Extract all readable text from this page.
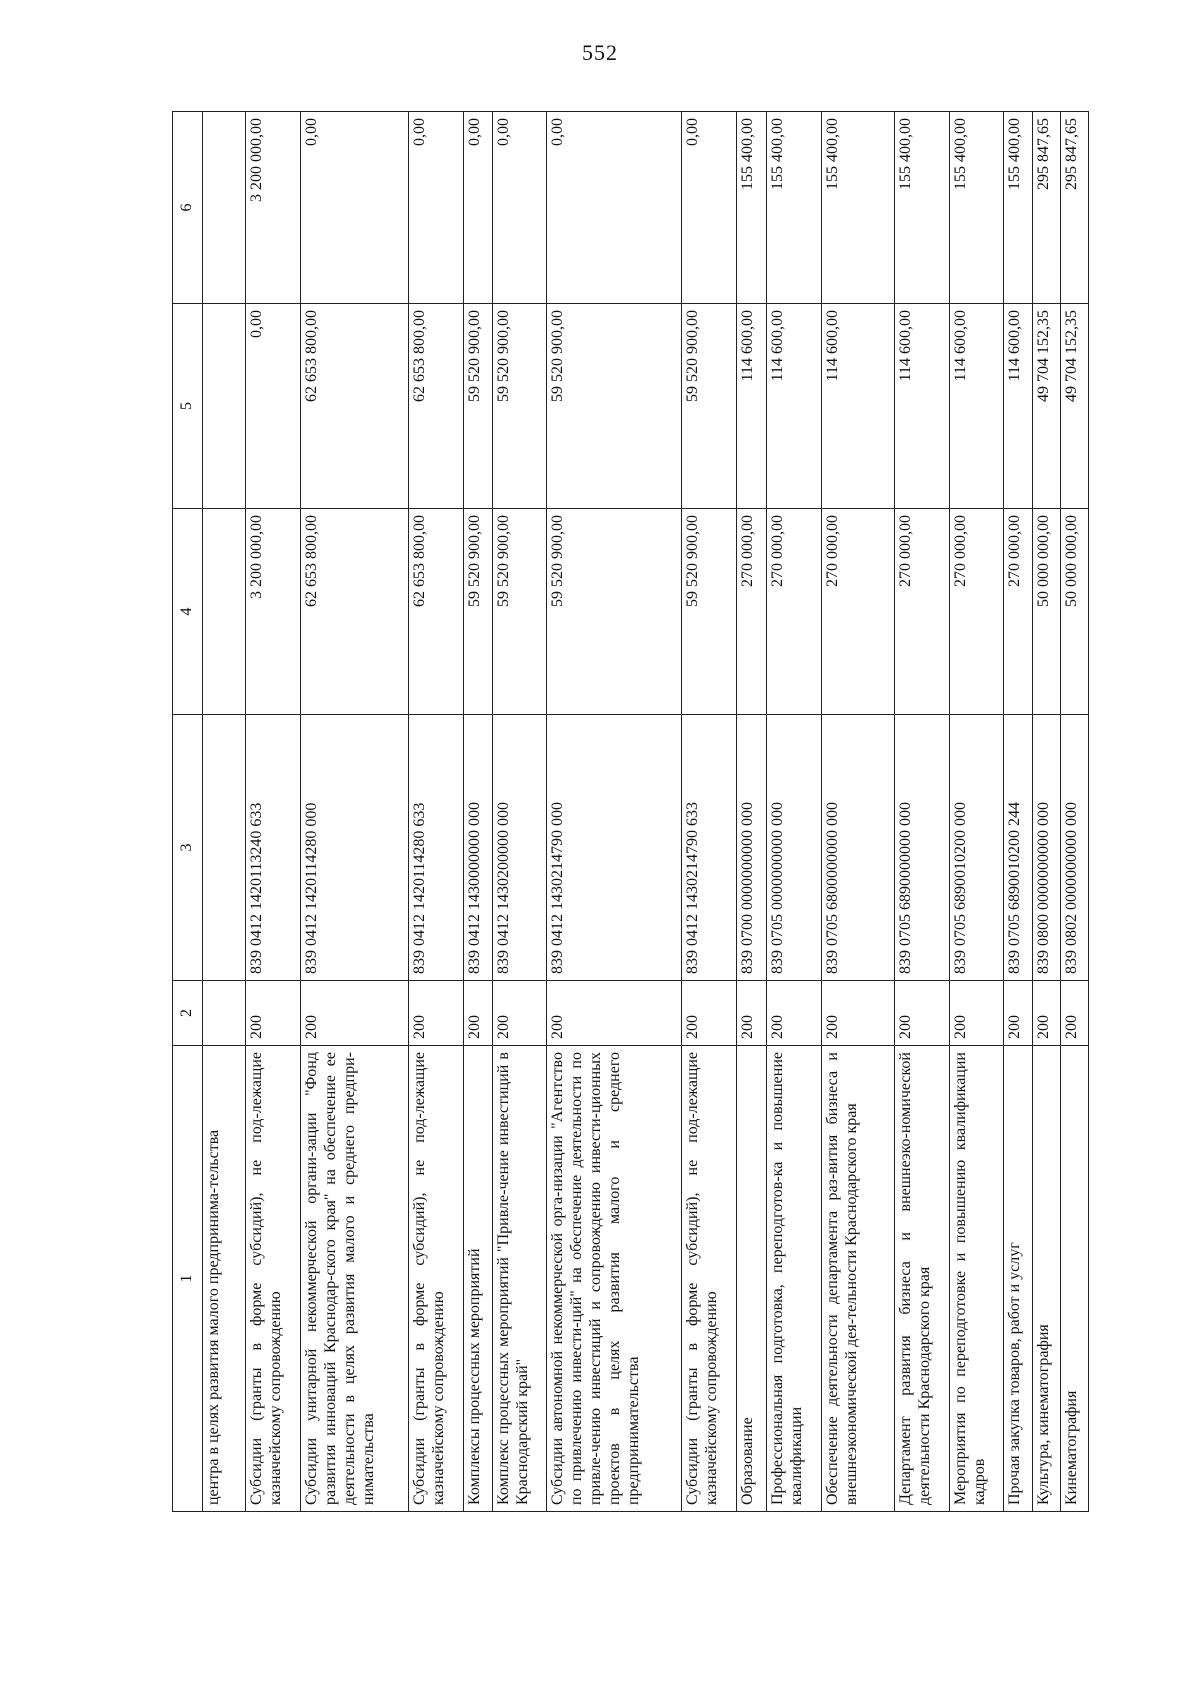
552
1	2	3	4	5	6
центра в целях развития малого предпринима-тельства					
Субсидии (гранты в форме субсидий), не под-лежащие казначейскому сопровождению	200	839 0412 1420113240 633	3 200 000,00	0,00	3 200 000,00
Субсидии унитарной некоммерческой органи-зации "Фонд развития инноваций Краснодар-ского края" на обеспечение ее деятельности в целях развития малого и среднего предпри-нимательства	200	839 0412 1420114280 000	62 653 800,00	62 653 800,00	0,00
Субсидии (гранты в форме субсидий), не под-лежащие казначейскому сопровождению	200	839 0412 1420114280 633	62 653 800,00	62 653 800,00	0,00
Комплексы процессных мероприятий	200	839 0412 1430000000 000	59 520 900,00	59 520 900,00	0,00
Комплекс процессных мероприятий "Привле-чение инвестиций в Краснодарский край"	200	839 0412 1430200000 000	59 520 900,00	59 520 900,00	0,00
Субсидии автономной некоммерческой орга-низации "Агентство по привлечению инвести-ций" на обеспечение деятельности по привле-чению инвестиций и сопровождению инвести-ционных проектов в целях развития малого и среднего предпринимательства	200	839 0412 1430214790 000	59 520 900,00	59 520 900,00	0,00
Субсидии (гранты в форме субсидий), не под-лежащие казначейскому сопровождению	200	839 0412 1430214790 633	59 520 900,00	59 520 900,00	0,00
Образование	200	839 0700 0000000000 000	270 000,00	114 600,00	155 400,00
Профессиональная подготовка, переподготов-ка и повышение квалификации	200	839 0705 0000000000 000	270 000,00	114 600,00	155 400,00
Обеспечение деятельности департамента раз-вития бизнеса и внешнеэкономической дея-тельности Краснодарского края	200	839 0705 6800000000 000	270 000,00	114 600,00	155 400,00
Департамент развития бизнеса и внешнеэко-номической деятельности Краснодарского края	200	839 0705 6890000000 000	270 000,00	114 600,00	155 400,00
Мероприятия по переподготовке и повышению квалификации кадров	200	839 0705 6890010200 000	270 000,00	114 600,00	155 400,00
Прочая закупка товаров, работ и услуг	200	839 0705 6890010200 244	270 000,00	114 600,00	155 400,00
Культура, кинематография	200	839 0800 0000000000 000	50 000 000,00	49 704 152,35	295 847,65
Кинематография	200	839 0802 0000000000 000	50 000 000,00	49 704 152,35	295 847,65
